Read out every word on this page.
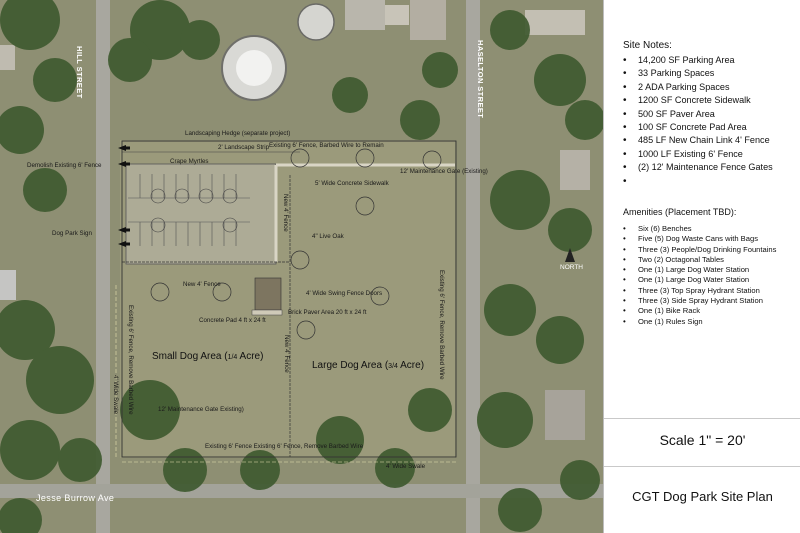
HILL STREET	HASELTON STREET
Jesse Burrow Ave
NORTH
Landscaping Hedge (separate project)
2' Landscape Strip Existing 6' Fence, Barbed Wire to Remain
12' Maintenance Gate (Existing)
Demolish Existing 6' Fence
Crape Myrtles
5' Wide Concrete Sidewalk
New 4' Fence
Dog Park Sign	4" Live Oak
New 4' Fence
4' Wide Swing Fence Doors
Brick Paver Area 20 ft x 24 ft
Concrete Pad 4 ft x 24 ft
Existing 6' Fence, Remove Barbed Wire
4' Wide Swale
Existing 6' Fence, Remove Barbed Wire
New 4' Fence
12' Maintenance Gate Existing)
Existing 6' Fence Existing 6' Fence, Remove Barbed Wire
4' Wide Swale
Small Dog Area (1/4 Acre)
Large Dog Area (3/4 Acre)
Site Notes:
• 14,200 SF Parking Area
• 33 Parking Spaces
• 2 ADA Parking Spaces
• 1200 SF Concrete Sidewalk
• 500 SF Paver Area
• 100 SF Concrete Pad Area
• 485 LF New Chain Link 4' Fence
• 1000 LF Existing 6' Fence
• (2) 12' Maintenance Fence Gates
Amenities (Placement TBD):
• Six (6) Benches
• Five (5) Dog Waste Cans with Bags
• Three (3) People/Dog Drinking Fountains
• Two (2) Octagonal Tables
• One (1) Large Dog Water Station
• One (1) Large Dog Water Station
• Three (3) Top Spray Hydrant Station
• Three (3) Side Spray Hydrant Station
• One (1) Bike Rack
• One (1) Rules Sign
Scale 1" = 20'
CGT Dog Park Site Plan
